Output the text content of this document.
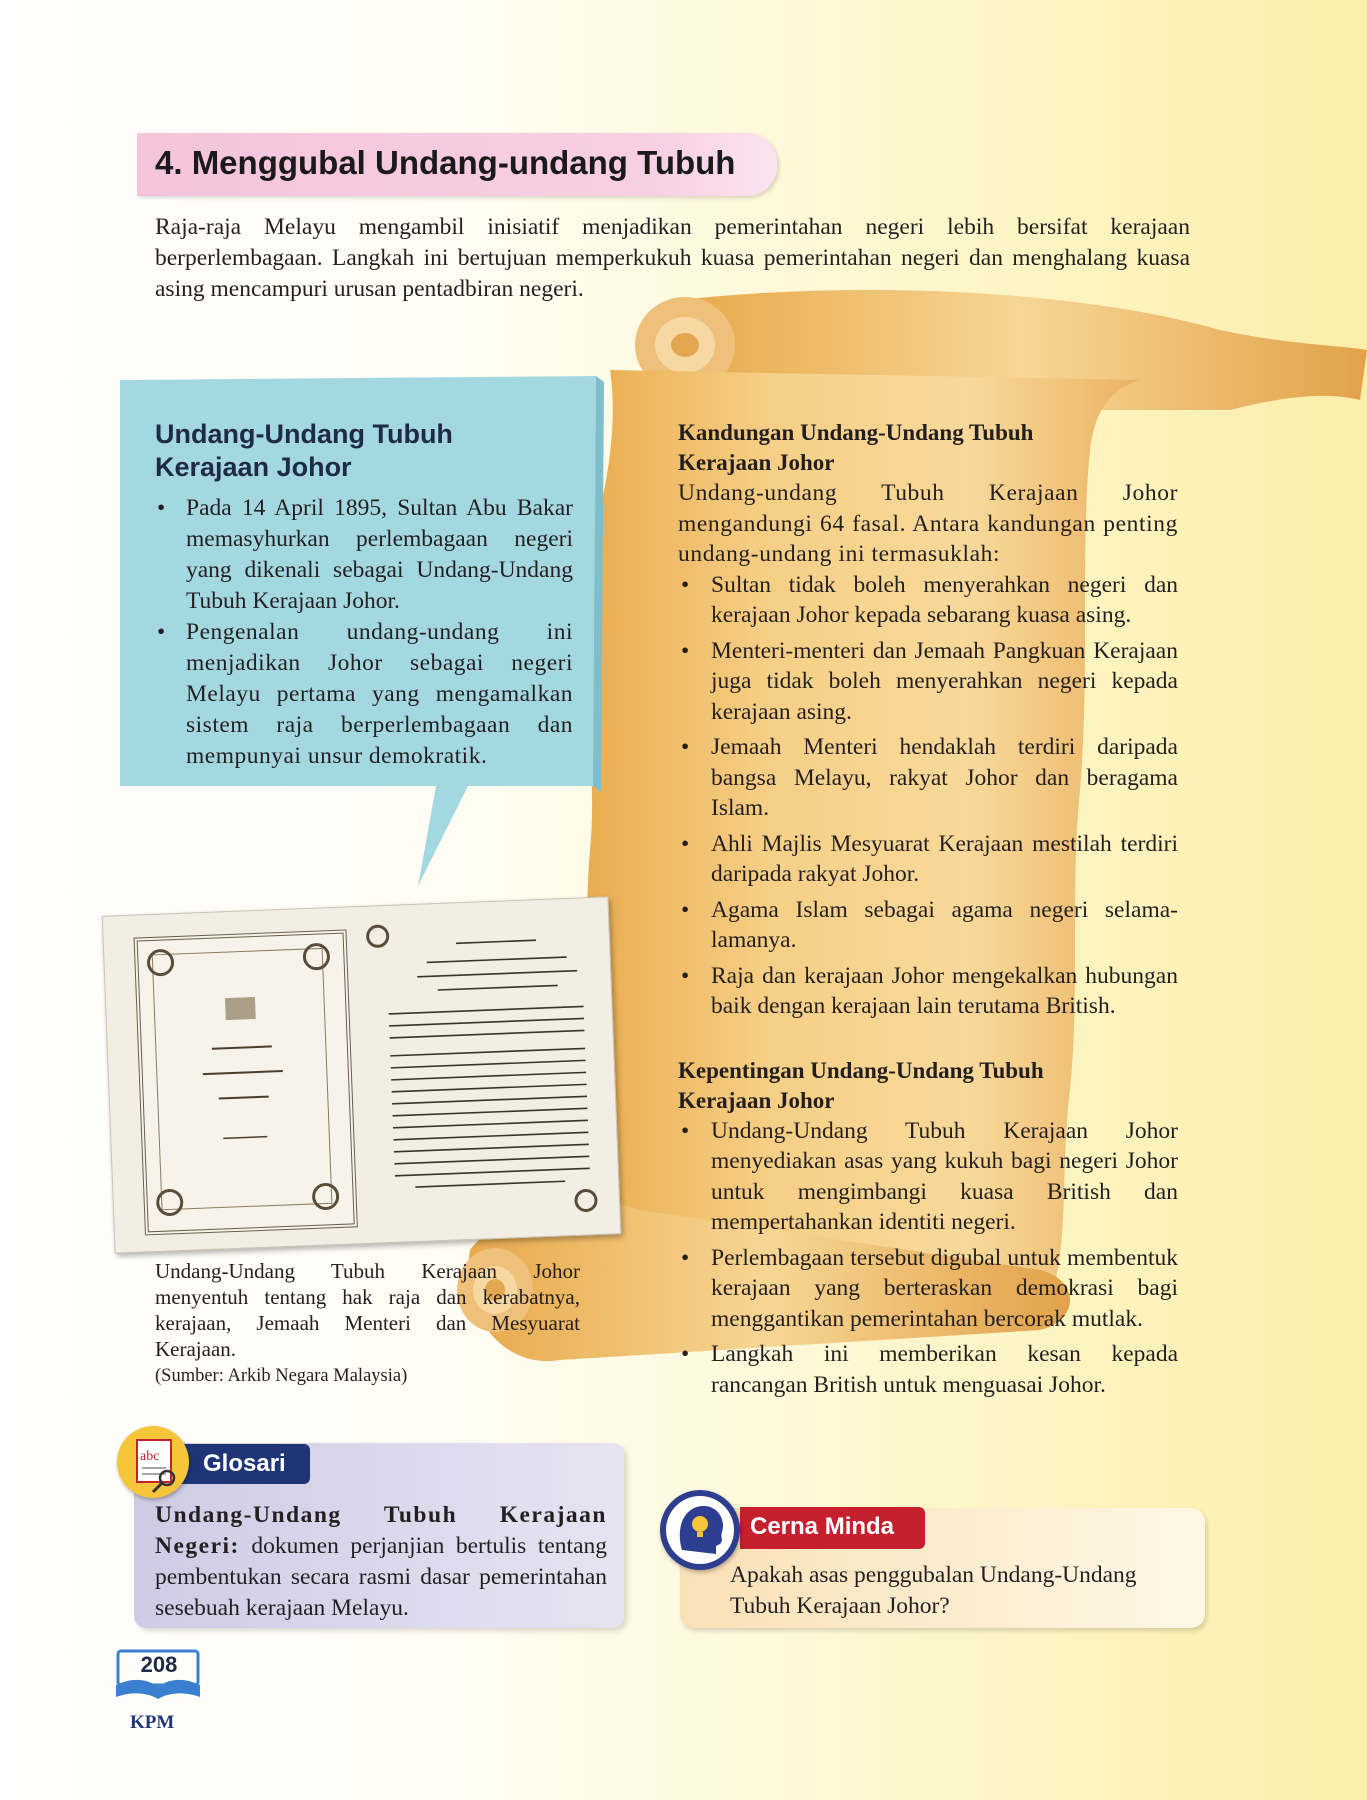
4. Menggubal Undang-undang Tubuh
Raja-raja Melayu mengambil inisiatif menjadikan pemerintahan negeri lebih bersifat kerajaan berperlembagaan. Langkah ini bertujuan memperkukuh kuasa pemerintahan negeri dan menghalang kuasa asing mencampuri urusan pentadbiran negeri.
Kandungan Undang-Undang Tubuh
Kerajaan Johor
Undang-undang Tubuh Kerajaan Johor mengandungi 64 fasal. Antara kandungan penting undang-undang ini termasuklah:
• Sultan tidak boleh menyerahkan negeri dan kerajaan Johor kepada sebarang kuasa asing.
• Menteri-menteri dan Jemaah Pangkuan Kerajaan juga tidak boleh menyerahkan negeri kepada kerajaan asing.
• Jemaah Menteri hendaklah terdiri daripada bangsa Melayu, rakyat Johor dan beragama Islam.
• Ahli Majlis Mesyuarat Kerajaan mestilah terdiri daripada rakyat Johor.
• Agama Islam sebagai agama negeri selama-lamanya.
• Raja dan kerajaan Johor mengekalkan hubungan baik dengan kerajaan lain terutama British.
Kepentingan Undang-Undang Tubuh
Kerajaan Johor
• Undang-Undang Tubuh Kerajaan Johor menyediakan asas yang kukuh bagi negeri Johor untuk mengimbangi kuasa British dan mempertahankan identiti negeri.
• Perlembagaan tersebut digubal untuk membentuk kerajaan yang berteraskan demokrasi bagi menggantikan pemerintahan bercorak mutlak.
• Langkah ini memberikan kesan kepada rancangan British untuk menguasai Johor.
Undang-Undang Tubuh
Kerajaan Johor
• Pada 14 April 1895, Sultan Abu Bakar memasyhurkan perlembagaan negeri yang dikenali sebagai Undang-Undang Tubuh Kerajaan Johor.
• Pengenalan undang-undang ini menjadikan Johor sebagai negeri Melayu pertama yang mengamalkan sistem raja berperlembagaan dan mempunyai unsur demokratik.
Undang-Undang Tubuh Kerajaan Johor menyentuh tentang hak raja dan kerabatnya, kerajaan, Jemaah Menteri dan Mesyuarat Kerajaan.
(Sumber: Arkib Negara Malaysia)
Glosari
abc
Undang-Undang Tubuh Kerajaan Negeri: dokumen perjanjian bertulis tentang pembentukan secara rasmi dasar pemerintahan sesebuah kerajaan Melayu.
Cerna Minda
Apakah asas penggubalan Undang-Undang Tubuh Kerajaan Johor?
208
KPM
